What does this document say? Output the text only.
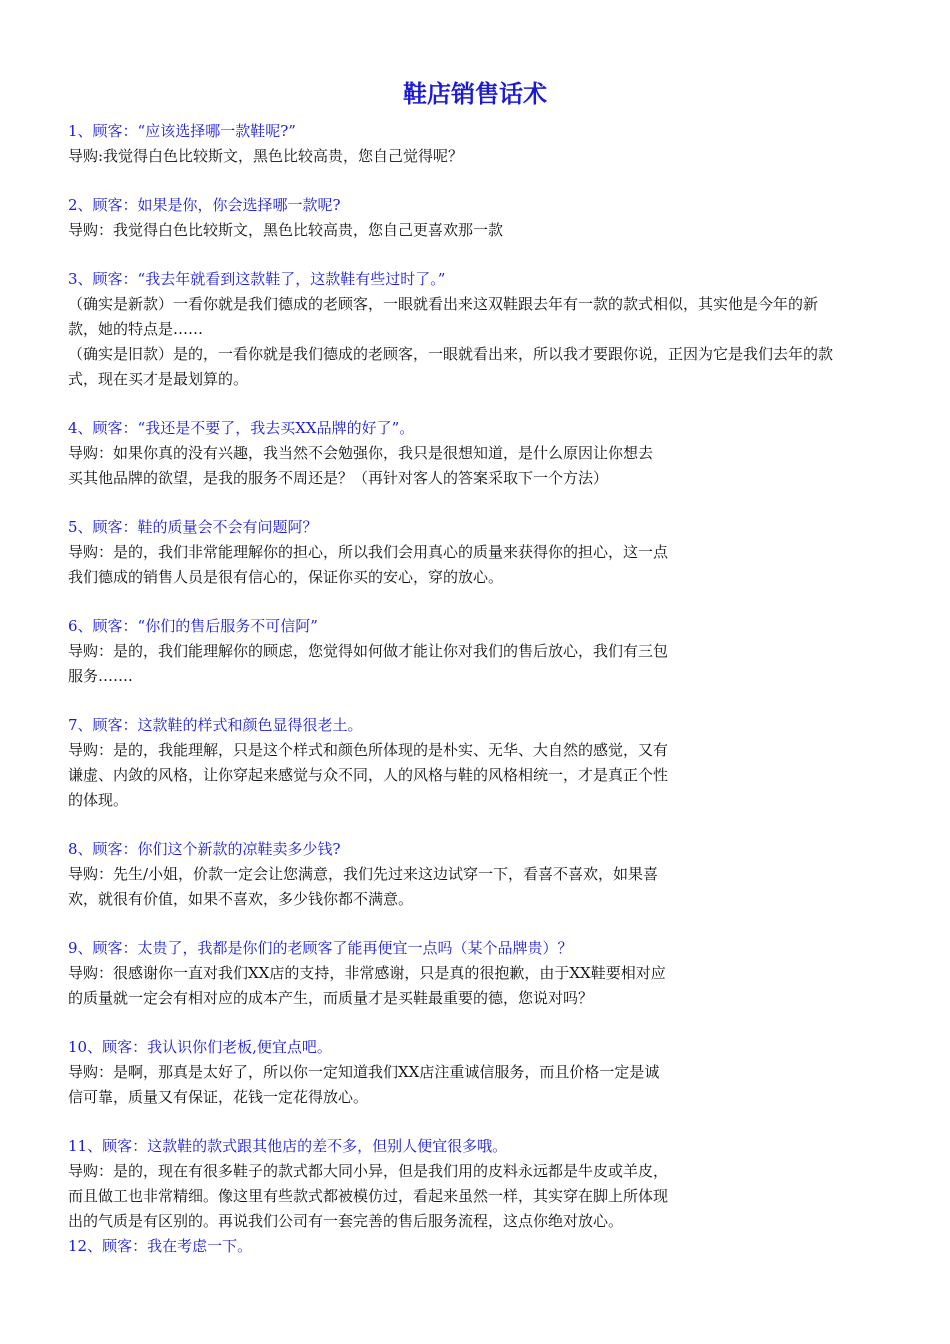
鞋店销售话术
1、顾客：“应该选择哪一款鞋呢?”
导购:我觉得白色比较斯文，黑色比较高贵，您自己觉得呢？
2、顾客：如果是你，你会选择哪一款呢?
导购：我觉得白色比较斯文，黑色比较高贵，您自己更喜欢那一款
3、顾客：“我去年就看到这款鞋了，这款鞋有些过时了。”
（确实是新款）一看你就是我们德成的老顾客，一眼就看出来这双鞋跟去年有一款的款式相似，其实他是今年的新
款，她的特点是……
（确实是旧款）是的，一看你就是我们德成的老顾客，一眼就看出来，所以我才要跟你说，正因为它是我们去年的款
式，现在买才是最划算的。
4、顾客：“我还是不要了，我去买XX品牌的好了”。
导购：如果你真的没有兴趣，我当然不会勉强你，我只是很想知道，是什么原因让你想去
买其他品牌的欲望，是我的服务不周还是？（再针对客人的答案采取下一个方法）
5、顾客：鞋的质量会不会有问题阿？
导购：是的，我们非常能理解你的担心，所以我们会用真心的质量来获得你的担心，这一点
我们德成的销售人员是很有信心的，保证你买的安心，穿的放心。
6、顾客：“你们的售后服务不可信阿”
导购：是的，我们能理解你的顾虑，您觉得如何做才能让你对我们的售后放心，我们有三包
服务…….
7、顾客：这款鞋的样式和颜色显得很老土。
导购：是的，我能理解，只是这个样式和颜色所体现的是朴实、无华、大自然的感觉，又有
谦虚、内敛的风格，让你穿起来感觉与众不同，人的风格与鞋的风格相统一，才是真正个性
的体现。
8、顾客：你们这个新款的凉鞋卖多少钱?
导购：先生/小姐，价款一定会让您满意，我们先过来这边试穿一下，看喜不喜欢，如果喜
欢，就很有价值，如果不喜欢，多少钱你都不满意。
9、顾客：太贵了，我都是你们的老顾客了能再便宜一点吗（某个品牌贵）？
导购：很感谢你一直对我们XX店的支持，非常感谢，只是真的很抱歉，由于XX鞋要相对应
的质量就一定会有相对应的成本产生，而质量才是买鞋最重要的德，您说对吗？
10、顾客：我认识你们老板,便宜点吧。
导购：是啊，那真是太好了，所以你一定知道我们XX店注重诚信服务，而且价格一定是诚
信可靠，质量又有保证，花钱一定花得放心。
11、顾客：这款鞋的款式跟其他店的差不多，但别人便宜很多哦。
导购：是的，现在有很多鞋子的款式都大同小异，但是我们用的皮料永远都是牛皮或羊皮，
而且做工也非常精细。像这里有些款式都被模仿过，看起来虽然一样，其实穿在脚上所体现
出的气质是有区别的。再说我们公司有一套完善的售后服务流程，这点你绝对放心。
12、顾客：我在考虑一下。
